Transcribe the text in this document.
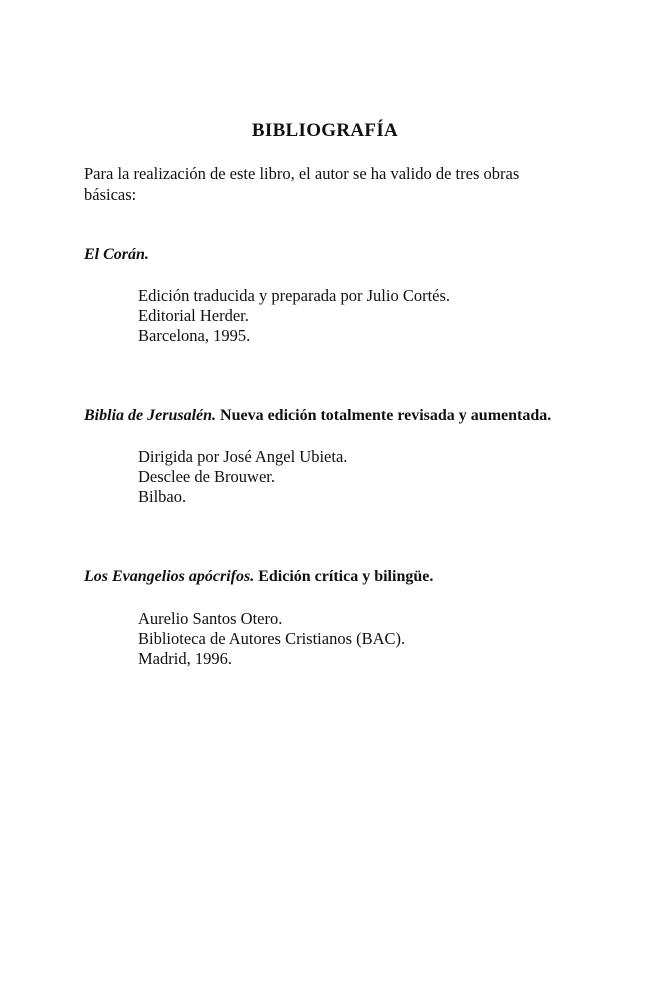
BIBLIOGRAFÍA
Para la realización de este libro, el autor se ha valido de tres obras básicas:
El Corán.
Edición traducida y preparada por Julio Cortés.
Editorial Herder.
Barcelona, 1995.
Biblia de Jerusalén. Nueva edición totalmente revisada y aumentada.
Dirigida por José Angel Ubieta.
Desclee de Brouwer.
Bilbao.
Los Evangelios apócrifos. Edición crítica y bilingüe.
Aurelio Santos Otero.
Biblioteca de Autores Cristianos (BAC).
Madrid, 1996.
